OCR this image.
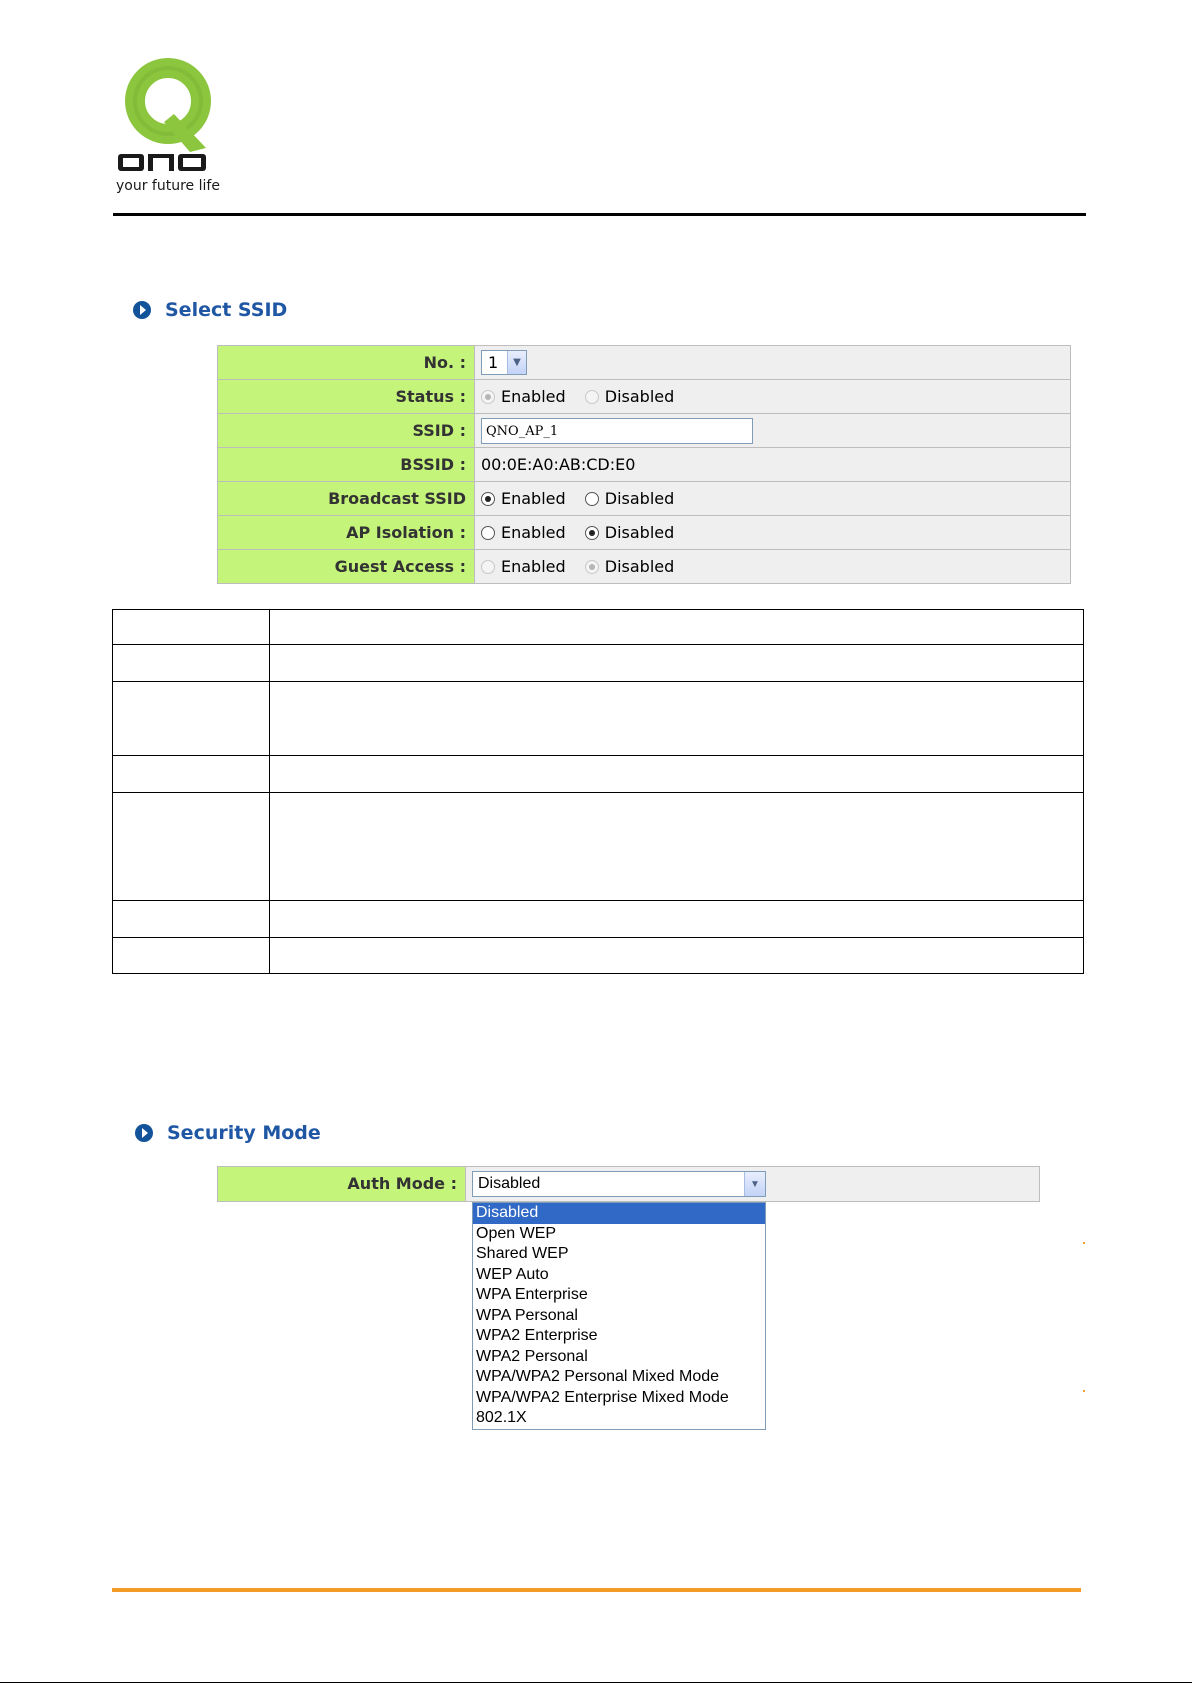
your future life
Select SSID
No. :	1 ▼

Status :	Enabled Disabled
SSID :	QNO_AP_1
BSSID :	00:0E:A0:AB:CD:E0
Broadcast SSID	Enabled Disabled
AP Isolation :	Enabled Disabled
Guest Access :	Enabled Disabled

Security Mode
Auth Mode :	Disabled	▼
Disabled
Open WEP
Shared WEP
WEP Auto
WPA Enterprise
WPA Personal
WPA2 Enterprise
WPA2 Personal
WPA/WPA2 Personal Mixed Mode
WPA/WPA2 Enterprise Mixed Mode
802.1X
